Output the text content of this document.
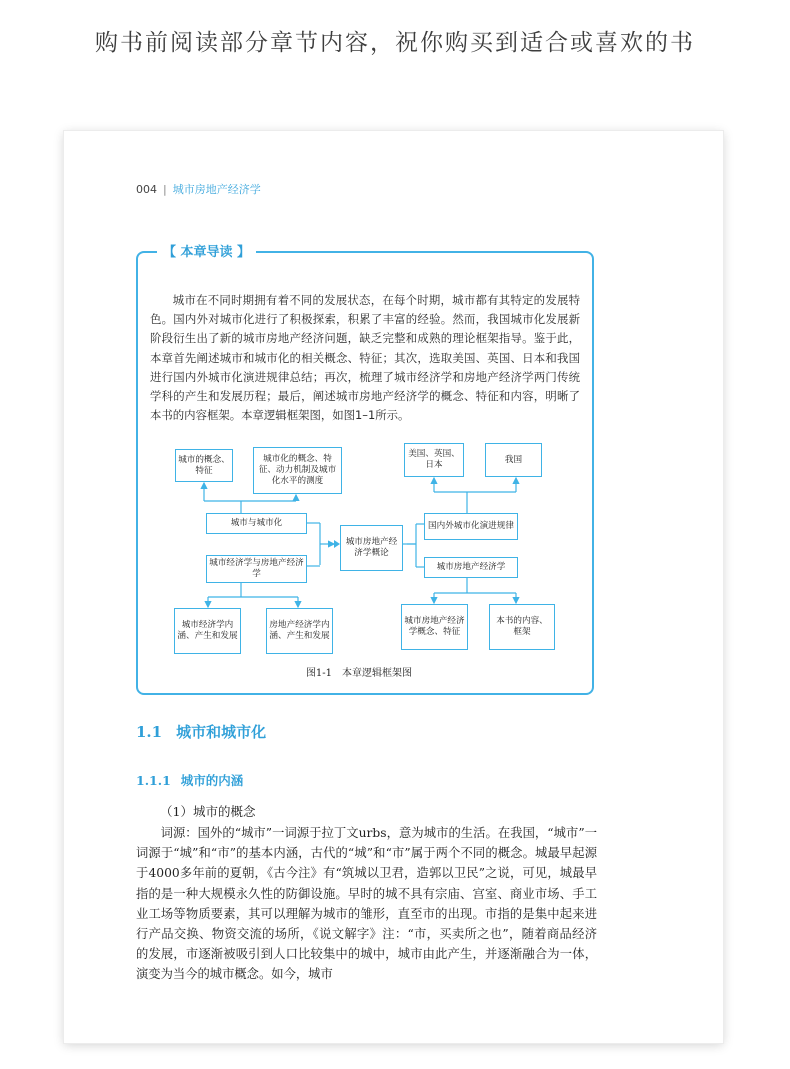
购书前阅读部分章节内容，祝你购买到适合或喜欢的书
004 | 城市房地产经济学
【 本章导读 】

城市在不同时期拥有着不同的发展状态，在每个时期，城市都有其特定的发展特色。国内外对城市化进行了积极探索，积累了丰富的经验。然而，我国城市化发展新阶段衍生出了新的城市房地产经济问题，缺乏完整和成熟的理论框架指导。鉴于此，本章首先阐述城市和城市化的相关概念、特征；其次，选取美国、英国、日本和我国进行国内外城市化演进规律总结；再次，梳理了城市经济学和房地产经济学两门传统学科的产生和发展历程；最后，阐述城市房地产经济学的概念、特征和内容，明晰了本书的内容框架。本章逻辑框架图，如图1–1所示。

城市的概念、特征
城市化的概念、特征、动力机制及城市化水平的测度
城市与城市化
城市经济学与房地产经济学
城市经济学内涵、产生和发展
房地产经济学内涵、产生和发展
城市房地产经济学概论
美国、英国、日本
我国
国内外城市化演进规律
城市房地产经济学
城市房地产经济学概念、特征
本书的内容、框架
图1-1　本章逻辑框架图
1.1 城市和城市化
1.1.1 城市的内涵
（1）城市的概念

词源：国外的“城市”一词源于拉丁文urbs，意为城市的生活。在我国，“城市”一词源于“城”和“市”的基本内涵，古代的“城”和“市”属于两个不同的概念。城最早起源于4000多年前的夏朝，《古今注》有“筑城以卫君，造郭以卫民”之说，可见，城最早指的是一种大规模永久性的防御设施。早时的城不具有宗庙、宫室、商业市场、手工业工场等物质要素，其可以理解为城市的雏形，直至市的出现。市指的是集中起来进行产品交换、物资交流的场所，《说文解字》注：“市，买卖所之也”，随着商品经济的发展，市逐渐被吸引到人口比较集中的城中，城市由此产生，并逐渐融合为一体，演变为当今的城市概念。如今，城市
